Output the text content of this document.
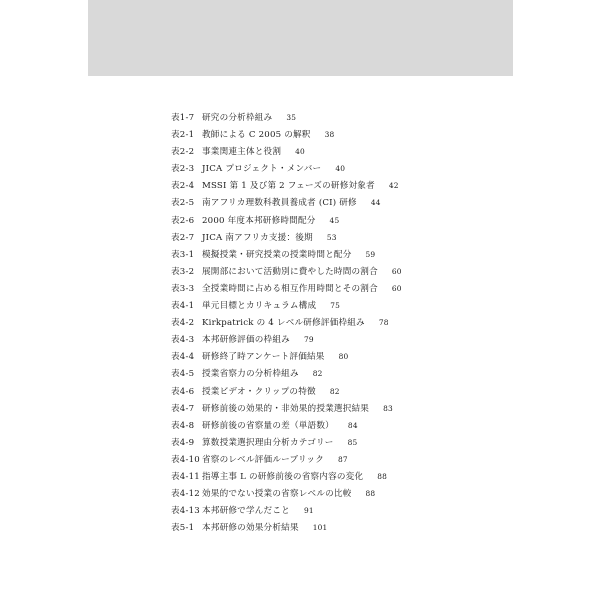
表1-7 研究の分析枠組み 35
表2-1 教師による C 2005 の解釈 38
表2-2 事業関連主体と役割 40
表2-3 JICA プロジェクト・メンバー 40
表2-4 MSSI 第 1 及び第 2 フェーズの研修対象者 42
表2-5 南アフリカ理数科教員養成者 (CI) 研修 44
表2-6 2000 年度本邦研修時間配分 45
表2-7 JICA 南アフリカ支援：後期 53
表3-1 模擬授業・研究授業の授業時間と配分 59
表3-2 展開部において活動別に費やした時間の割合 60
表3-3 全授業時間に占める相互作用時間とその割合 60
表4-1 単元目標とカリキュラム構成 75
表4-2 Kirkpatrick の 4 レベル研修評価枠組み 78
表4-3 本邦研修評価の枠組み 79
表4-4 研修終了時アンケート評価結果 80
表4-5 授業省察力の分析枠組み 82
表4-6 授業ビデオ・クリップの特徴 82
表4-7 研修前後の効果的・非効果的授業選択結果 83
表4-8 研修前後の省察量の差（単語数） 84
表4-9 算数授業選択理由分析カテゴリー 85
表4-10 省察のレベル評価ルーブリック 87
表4-11 指導主事 L の研修前後の省察内容の変化 88
表4-12 効果的でない授業の省察レベルの比較 88
表4-13 本邦研修で学んだこと 91
表5-1 本邦研修の効果分析結果 101
